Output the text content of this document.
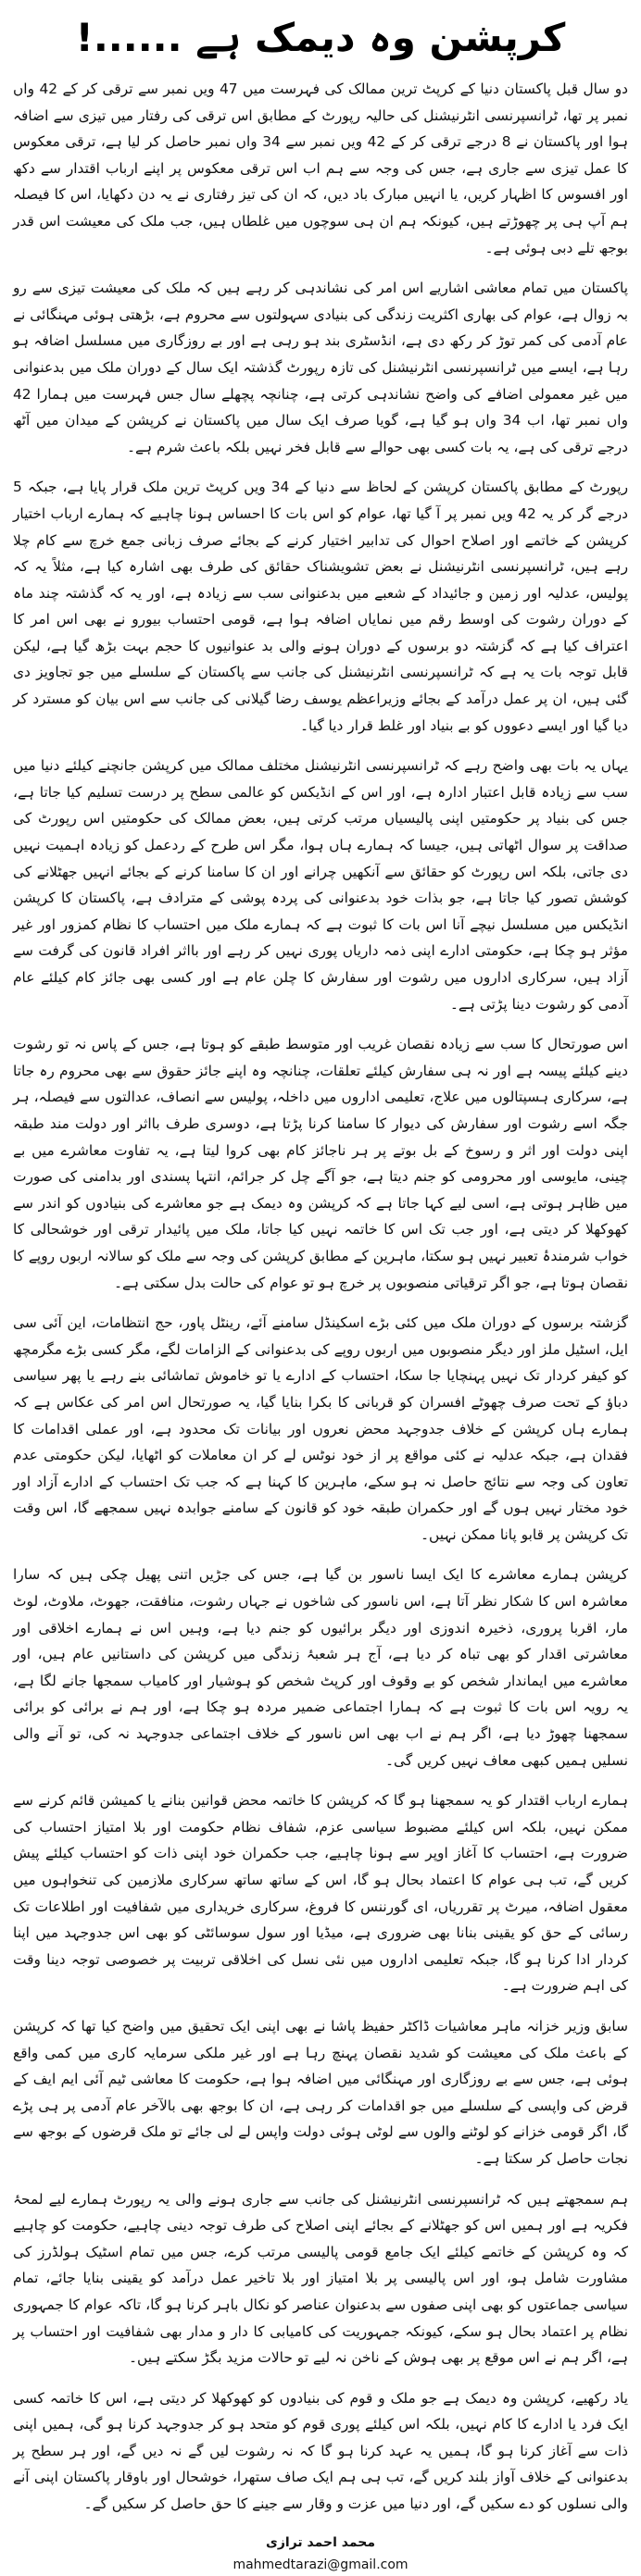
کرپشن وہ دیمک ہے ......!

دو سال قبل پاکستان دنیا کے کرپٹ ترین ممالک کی فہرست میں 47 ویں نمبر سے ترقی کر کے 42 واں نمبر پر تھا، ٹرانسپرنسی انٹرنیشنل کی حالیہ رپورٹ کے مطابق اس ترقی کی رفتار میں تیزی سے اضافہ ہوا اور پاکستان نے 8 درجے ترقی کر کے 42 ویں نمبر سے 34 واں نمبر حاصل کر لیا ہے، ترقی معکوس کا عمل تیزی سے جاری ہے، جس کی وجہ سے ہم اب اس ترقی معکوس پر اپنے ارباب اقتدار سے دکھ اور افسوس کا اظہار کریں، یا انہیں مبارک باد دیں، کہ ان کی تیز رفتاری نے یہ دن دکھایا، اس کا فیصلہ ہم آپ ہی پر چھوڑتے ہیں، کیونکہ ہم ان ہی سوچوں میں غلطاں ہیں، جب ملک کی معیشت اس قدر بوجھ تلے دبی ہوئی ہے۔

پاکستان میں تمام معاشی اشاریے اس امر کی نشاندہی کر رہے ہیں کہ ملک کی معیشت تیزی سے رو بہ زوال ہے، عوام کی بھاری اکثریت زندگی کی بنیادی سہولتوں سے محروم ہے، بڑھتی ہوئی مہنگائی نے عام آدمی کی کمر توڑ کر رکھ دی ہے، انڈسٹری بند ہو رہی ہے اور بے روزگاری میں مسلسل اضافہ ہو رہا ہے، ایسے میں ٹرانسپرنسی انٹرنیشنل کی تازہ رپورٹ گذشتہ ایک سال کے دوران ملک میں بدعنوانی میں غیر معمولی اضافے کی واضح نشاندہی کرتی ہے، چنانچہ پچھلے سال جس فہرست میں ہمارا 42 واں نمبر تھا، اب 34 واں ہو گیا ہے، گویا صرف ایک سال میں پاکستان نے کرپشن کے میدان میں آٹھ درجے ترقی کی ہے، یہ بات کسی بھی حوالے سے قابل فخر نہیں بلکہ باعث شرم ہے۔

رپورٹ کے مطابق پاکستان کرپشن کے لحاظ سے دنیا کے 34 ویں کرپٹ ترین ملک قرار پایا ہے، جبکہ 5 درجے گر کر یہ 42 ویں نمبر پر آ گیا تھا، عوام کو اس بات کا احساس ہونا چاہیے کہ ہمارے ارباب اختیار کرپشن کے خاتمے اور اصلاح احوال کی تدابیر اختیار کرنے کے بجائے صرف زبانی جمع خرچ سے کام چلا رہے ہیں، ٹرانسپرنسی انٹرنیشنل نے بعض تشویشناک حقائق کی طرف بھی اشارہ کیا ہے، مثلاً یہ کہ پولیس، عدلیہ اور زمین و جائیداد کے شعبے میں بدعنوانی سب سے زیادہ ہے، اور یہ کہ گذشتہ چند ماہ کے دوران رشوت کی اوسط رقم میں نمایاں اضافہ ہوا ہے، قومی احتساب بیورو نے بھی اس امر کا اعتراف کیا ہے کہ گزشتہ دو برسوں کے دوران ہونے والی بد عنوانیوں کا حجم بہت بڑھ گیا ہے، لیکن قابل توجہ بات یہ ہے کہ ٹرانسپرنسی انٹرنیشنل کی جانب سے پاکستان کے سلسلے میں جو تجاویز دی گئی ہیں، ان پر عمل درآمد کے بجائے وزیراعظم یوسف رضا گیلانی کی جانب سے اس بیان کو مسترد کر دیا گیا اور ایسے دعووں کو بے بنیاد اور غلط قرار دیا گیا۔

یہاں یہ بات بھی واضح رہے کہ ٹرانسپرنسی انٹرنیشنل مختلف ممالک میں کرپشن جانچنے کیلئے دنیا میں سب سے زیادہ قابل اعتبار ادارہ ہے، اور اس کے انڈیکس کو عالمی سطح پر درست تسلیم کیا جاتا ہے، جس کی بنیاد پر حکومتیں اپنی پالیسیاں مرتب کرتی ہیں، بعض ممالک کی حکومتیں اس رپورٹ کی صداقت پر سوال اٹھاتی ہیں، جیسا کہ ہمارے ہاں ہوا، مگر اس طرح کے ردعمل کو زیادہ اہمیت نہیں دی جاتی، بلکہ اس رپورٹ کو حقائق سے آنکھیں چرانے اور ان کا سامنا کرنے کے بجائے انہیں جھٹلانے کی کوشش تصور کیا جاتا ہے، جو بذات خود بدعنوانی کی پردہ پوشی کے مترادف ہے، پاکستان کا کرپشن انڈیکس میں مسلسل نیچے آنا اس بات کا ثبوت ہے کہ ہمارے ملک میں احتساب کا نظام کمزور اور غیر مؤثر ہو چکا ہے، حکومتی ادارے اپنی ذمہ داریاں پوری نہیں کر رہے اور بااثر افراد قانون کی گرفت سے آزاد ہیں، سرکاری اداروں میں رشوت اور سفارش کا چلن عام ہے اور کسی بھی جائز کام کیلئے عام آدمی کو رشوت دینا پڑتی ہے۔

اس صورتحال کا سب سے زیادہ نقصان غریب اور متوسط طبقے کو ہوتا ہے، جس کے پاس نہ تو رشوت دینے کیلئے پیسہ ہے اور نہ ہی سفارش کیلئے تعلقات، چنانچہ وہ اپنے جائز حقوق سے بھی محروم رہ جاتا ہے، سرکاری ہسپتالوں میں علاج، تعلیمی اداروں میں داخلہ، پولیس سے انصاف، عدالتوں سے فیصلہ، ہر جگہ اسے رشوت اور سفارش کی دیوار کا سامنا کرنا پڑتا ہے، دوسری طرف بااثر اور دولت مند طبقہ اپنی دولت اور اثر و رسوخ کے بل بوتے پر ہر ناجائز کام بھی کروا لیتا ہے، یہ تفاوت معاشرے میں بے چینی، مایوسی اور محرومی کو جنم دیتا ہے، جو آگے چل کر جرائم، انتہا پسندی اور بدامنی کی صورت میں ظاہر ہوتی ہے، اسی لیے کہا جاتا ہے کہ کرپشن وہ دیمک ہے جو معاشرے کی بنیادوں کو اندر سے کھوکھلا کر دیتی ہے، اور جب تک اس کا خاتمہ نہیں کیا جاتا، ملک میں پائیدار ترقی اور خوشحالی کا خواب شرمندۂ تعبیر نہیں ہو سکتا، ماہرین کے مطابق کرپشن کی وجہ سے ملک کو سالانہ اربوں روپے کا نقصان ہوتا ہے، جو اگر ترقیاتی منصوبوں پر خرچ ہو تو عوام کی حالت بدل سکتی ہے۔

گزشتہ برسوں کے دوران ملک میں کئی بڑے اسکینڈل سامنے آئے، رینٹل پاور، حج انتظامات، این آئی سی ایل، اسٹیل ملز اور دیگر منصوبوں میں اربوں روپے کی بدعنوانی کے الزامات لگے، مگر کسی بڑے مگرمچھ کو کیفر کردار تک نہیں پہنچایا جا سکا، احتساب کے ادارے یا تو خاموش تماشائی بنے رہے یا پھر سیاسی دباؤ کے تحت صرف چھوٹے افسران کو قربانی کا بکرا بنایا گیا، یہ صورتحال اس امر کی عکاس ہے کہ ہمارے ہاں کرپشن کے خلاف جدوجہد محض نعروں اور بیانات تک محدود ہے، اور عملی اقدامات کا فقدان ہے، جبکہ عدلیہ نے کئی مواقع پر از خود نوٹس لے کر ان معاملات کو اٹھایا، لیکن حکومتی عدم تعاون کی وجہ سے نتائج حاصل نہ ہو سکے، ماہرین کا کہنا ہے کہ جب تک احتساب کے ادارے آزاد اور خود مختار نہیں ہوں گے اور حکمران طبقہ خود کو قانون کے سامنے جوابدہ نہیں سمجھے گا، اس وقت تک کرپشن پر قابو پانا ممکن نہیں۔

کرپشن ہمارے معاشرے کا ایک ایسا ناسور بن گیا ہے، جس کی جڑیں اتنی پھیل چکی ہیں کہ سارا معاشرہ اس کا شکار نظر آتا ہے، اس ناسور کی شاخوں نے جہاں رشوت، منافقت، جھوٹ، ملاوٹ، لوٹ مار، اقربا پروری، ذخیرہ اندوزی اور دیگر برائیوں کو جنم دیا ہے، وہیں اس نے ہمارے اخلاقی اور معاشرتی اقدار کو بھی تباہ کر دیا ہے، آج ہر شعبۂ زندگی میں کرپشن کی داستانیں عام ہیں، اور معاشرے میں ایماندار شخص کو بے وقوف اور کرپٹ شخص کو ہوشیار اور کامیاب سمجھا جانے لگا ہے، یہ رویہ اس بات کا ثبوت ہے کہ ہمارا اجتماعی ضمیر مردہ ہو چکا ہے، اور ہم نے برائی کو برائی سمجھنا چھوڑ دیا ہے، اگر ہم نے اب بھی اس ناسور کے خلاف اجتماعی جدوجہد نہ کی، تو آنے والی نسلیں ہمیں کبھی معاف نہیں کریں گی۔

ہمارے ارباب اقتدار کو یہ سمجھنا ہو گا کہ کرپشن کا خاتمہ محض قوانین بنانے یا کمیشن قائم کرنے سے ممکن نہیں، بلکہ اس کیلئے مضبوط سیاسی عزم، شفاف نظام حکومت اور بلا امتیاز احتساب کی ضرورت ہے، احتساب کا آغاز اوپر سے ہونا چاہیے، جب حکمران خود اپنی ذات کو احتساب کیلئے پیش کریں گے، تب ہی عوام کا اعتماد بحال ہو گا، اس کے ساتھ ساتھ سرکاری ملازمین کی تنخواہوں میں معقول اضافہ، میرٹ پر تقرریاں، ای گورننس کا فروغ، سرکاری خریداری میں شفافیت اور اطلاعات تک رسائی کے حق کو یقینی بنانا بھی ضروری ہے، میڈیا اور سول سوسائٹی کو بھی اس جدوجہد میں اپنا کردار ادا کرنا ہو گا، جبکہ تعلیمی اداروں میں نئی نسل کی اخلاقی تربیت پر خصوصی توجہ دینا وقت کی اہم ضرورت ہے۔

سابق وزیر خزانہ ماہر معاشیات ڈاکٹر حفیظ پاشا نے بھی اپنی ایک تحقیق میں واضح کیا تھا کہ کرپشن کے باعث ملک کی معیشت کو شدید نقصان پہنچ رہا ہے اور غیر ملکی سرمایہ کاری میں کمی واقع ہوئی ہے، جس سے بے روزگاری اور مہنگائی میں اضافہ ہوا ہے، حکومت کا معاشی ٹیم آئی ایم ایف کے قرض کی واپسی کے سلسلے میں جو اقدامات کر رہی ہے، ان کا بوجھ بھی بالآخر عام آدمی پر ہی پڑے گا، اگر قومی خزانے کو لوٹنے والوں سے لوٹی ہوئی دولت واپس لے لی جائے تو ملک قرضوں کے بوجھ سے نجات حاصل کر سکتا ہے۔

ہم سمجھتے ہیں کہ ٹرانسپرنسی انٹرنیشنل کی جانب سے جاری ہونے والی یہ رپورٹ ہمارے لیے لمحۂ فکریہ ہے اور ہمیں اس کو جھٹلانے کے بجائے اپنی اصلاح کی طرف توجہ دینی چاہیے، حکومت کو چاہیے کہ وہ کرپشن کے خاتمے کیلئے ایک جامع قومی پالیسی مرتب کرے، جس میں تمام اسٹیک ہولڈرز کی مشاورت شامل ہو، اور اس پالیسی پر بلا امتیاز اور بلا تاخیر عمل درآمد کو یقینی بنایا جائے، تمام سیاسی جماعتوں کو بھی اپنی صفوں سے بدعنوان عناصر کو نکال باہر کرنا ہو گا، تاکہ عوام کا جمہوری نظام پر اعتماد بحال ہو سکے، کیونکہ جمہوریت کی کامیابی کا دار و مدار بھی شفافیت اور احتساب پر ہے، اگر ہم نے اس موقع پر بھی ہوش کے ناخن نہ لیے تو حالات مزید بگڑ سکتے ہیں۔

یاد رکھیے، کرپشن وہ دیمک ہے جو ملک و قوم کی بنیادوں کو کھوکھلا کر دیتی ہے، اس کا خاتمہ کسی ایک فرد یا ادارے کا کام نہیں، بلکہ اس کیلئے پوری قوم کو متحد ہو کر جدوجہد کرنا ہو گی، ہمیں اپنی ذات سے آغاز کرنا ہو گا، ہمیں یہ عہد کرنا ہو گا کہ نہ رشوت لیں گے نہ دیں گے، اور ہر سطح پر بدعنوانی کے خلاف آواز بلند کریں گے، تب ہی ہم ایک صاف ستھرا، خوشحال اور باوقار پاکستان اپنی آنے والی نسلوں کو دے سکیں گے، اور دنیا میں عزت و وقار سے جینے کا حق حاصل کر سکیں گے۔

محمد احمد ترازی
mahmedtarazi@gmail.com
